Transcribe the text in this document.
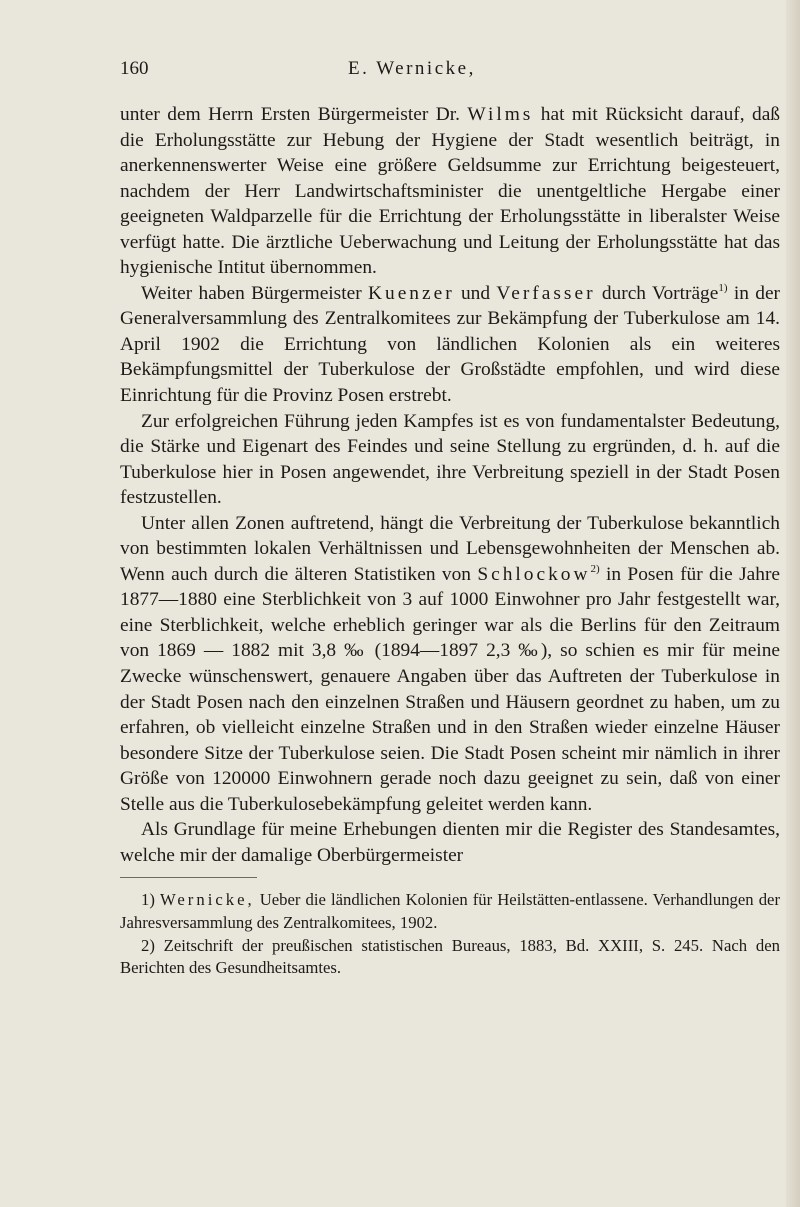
160	E. Wernicke,

unter dem Herrn Ersten Bürgermeister Dr. Wilms hat mit Rücksicht darauf, daß die Erholungsstätte zur Hebung der Hygiene der Stadt wesentlich beiträgt, in anerkennenswerter Weise eine größere Geldsumme zur Errichtung beigesteuert, nachdem der Herr Landwirtschaftsminister die unentgeltliche Hergabe einer geeigneten Waldparzelle für die Errichtung der Erholungsstätte in liberalster Weise verfügt hatte. Die ärztliche Ueberwachung und Leitung der Erholungsstätte hat das hygienische Intitut übernommen.

Weiter haben Bürgermeister Kuenzer und Verfasser durch Vorträge$^{1)}$ in der Generalversammlung des Zentralkomitees zur Bekämpfung der Tuberkulose am 14. April 1902 die Errichtung von ländlichen Kolonien als ein weiteres Bekämpfungsmittel der Tuberkulose der Großstädte empfohlen, und wird diese Einrichtung für die Provinz Posen erstrebt.

Zur erfolgreichen Führung jeden Kampfes ist es von fundamentalster Bedeutung, die Stärke und Eigenart des Feindes und seine Stellung zu ergründen, d. h. auf die Tuberkulose hier in Posen angewendet, ihre Verbreitung speziell in der Stadt Posen festzustellen.

Unter allen Zonen auftretend, hängt die Verbreitung der Tuberkulose bekanntlich von bestimmten lokalen Verhältnissen und Lebensgewohnheiten der Menschen ab. Wenn auch durch die älteren Statistiken von Schlockow$^{2)}$ in Posen für die Jahre 1877—1880 eine Sterblichkeit von 3 auf 1000 Einwohner pro Jahr festgestellt war, eine Sterblichkeit, welche erheblich geringer war als die Berlins für den Zeitraum von 1869 — 1882 mit 3,8 ‰ (1894—1897 2,3 ‰), so schien es mir für meine Zwecke wünschenswert, genauere Angaben über das Auftreten der Tuberkulose in der Stadt Posen nach den einzelnen Straßen und Häusern geordnet zu haben, um zu erfahren, ob vielleicht einzelne Straßen und in den Straßen wieder einzelne Häuser besondere Sitze der Tuberkulose seien. Die Stadt Posen scheint mir nämlich in ihrer Größe von 120000 Einwohnern gerade noch dazu geeignet zu sein, daß von einer Stelle aus die Tuberkulosebekämpfung geleitet werden kann.

Als Grundlage für meine Erhebungen dienten mir die Register des Standesamtes, welche mir der damalige Oberbürgermeister

1) Wernicke, Ueber die ländlichen Kolonien für Heilstätten-entlassene. Verhandlungen der Jahresversammlung des Zentralkomitees, 1902.

2) Zeitschrift der preußischen statistischen Bureaus, 1883, Bd. XXIII, S. 245. Nach den Berichten des Gesundheitsamtes.
